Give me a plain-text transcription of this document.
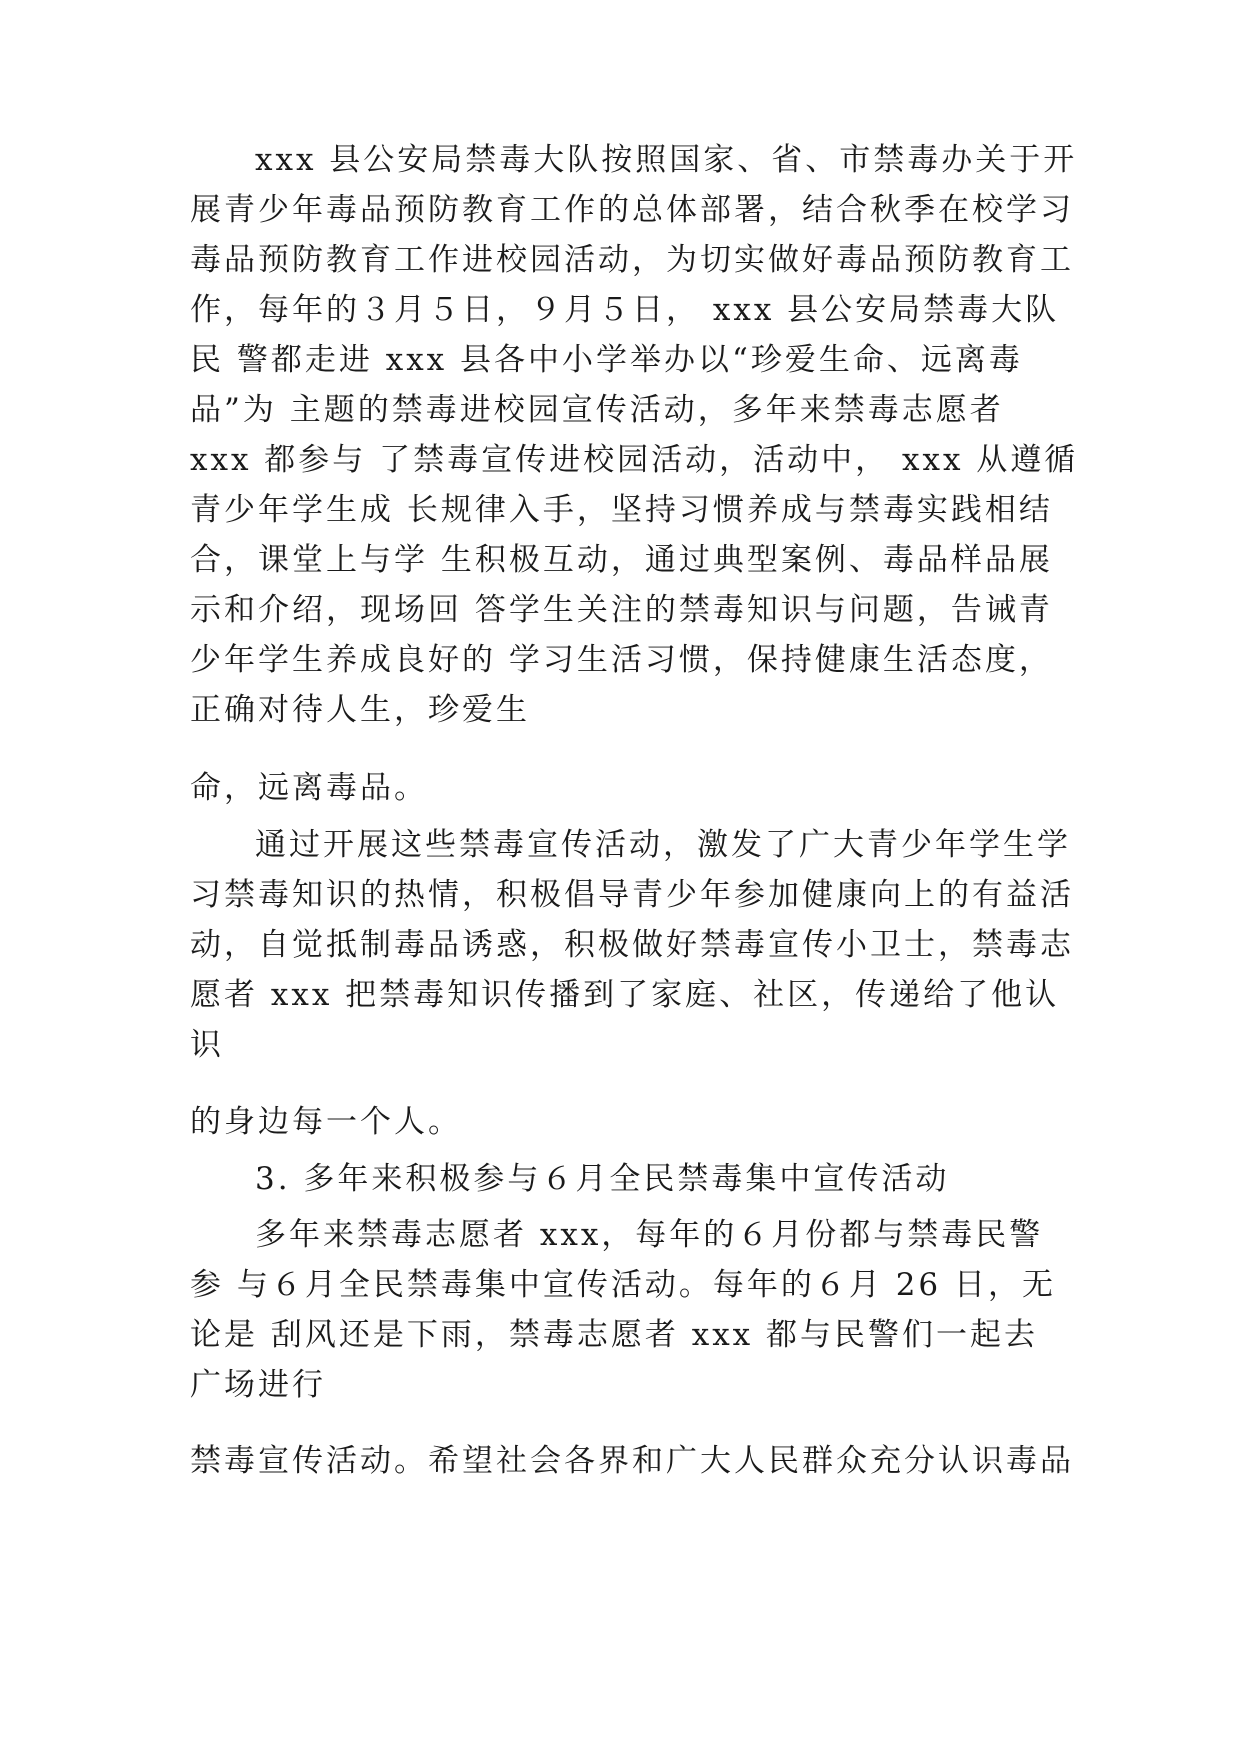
xxx 县公安局禁毒大队按照国家、省、市禁毒办关于开
展青少年毒品预防教育工作的总体部署，结合秋季在校学习
毒品预防教育工作进校园活动，为切实做好毒品预防教育工
作，每年的３月５日，９月５日， xxx 县公安局禁毒大队
民 警都走进 xxx 县各中小学举办以“珍爱生命、远离毒
品”为 主题的禁毒进校园宣传活动，多年来禁毒志愿者
xxx 都参与 了禁毒宣传进校园活动，活动中， xxx 从遵循
青少年学生成 长规律入手，坚持习惯养成与禁毒实践相结
合，课堂上与学 生积极互动，通过典型案例、毒品样品展
示和介绍，现场回 答学生关注的禁毒知识与问题，告诫青
少年学生养成良好的 学习生活习惯，保持健康生活态度，
正确对待人生，珍爱生
命，远离毒品。
通过开展这些禁毒宣传活动，激发了广大青少年学生学
习禁毒知识的热情，积极倡导青少年参加健康向上的有益活
动，自觉抵制毒品诱惑，积极做好禁毒宣传小卫士，禁毒志
愿者 xxx 把禁毒知识传播到了家庭、社区，传递给了他认
识
的身边每一个人。
3. 多年来积极参与６月全民禁毒集中宣传活动
多年来禁毒志愿者 xxx，每年的６月份都与禁毒民警
参 与６月全民禁毒集中宣传活动。每年的６月 26 日，无
论是 刮风还是下雨，禁毒志愿者 xxx 都与民警们一起去
广场进行
禁毒宣传活动。希望社会各界和广大人民群众充分认识毒品
